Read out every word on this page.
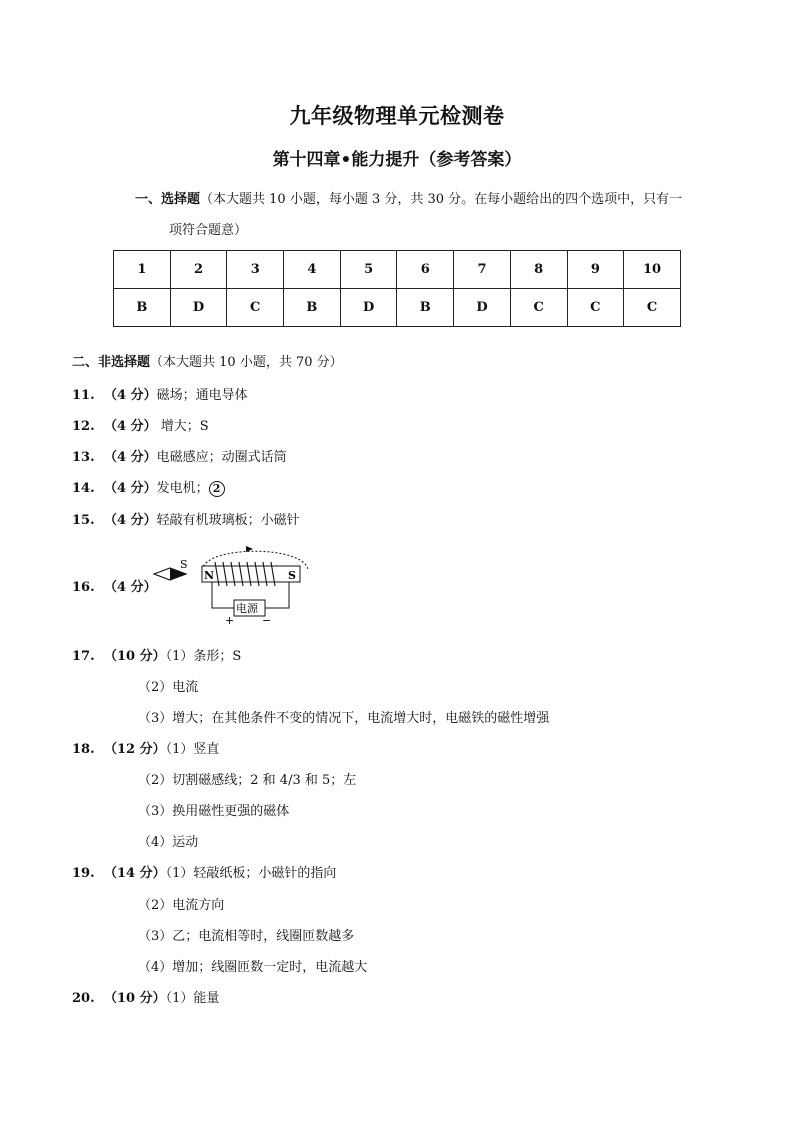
九年级物理单元检测卷
第十四章•能力提升（参考答案）
一、选择题（本大题共 10 小题，每小题 3 分，共 30 分。在每小题给出的四个选项中，只有一
项符合题意）
1	2	3	4	5	6	7	8	9	10
B	D	C	B	D	B	D	C	C	C
二、非选择题（本大题共 10 小题，共 70 分）
11. （4 分）磁场；通电导体
12. （4 分） 增大；S
13. （4 分）电磁感应；动圈式话筒
14. （4 分）发电机； 2
15. （4 分）轻敲有机玻璃板；小磁针
16. （4 分）
S
N	S
电源
+	−
17. （10 分）（1）条形；S
（2）电流
（3）增大；在其他条件不变的情况下，电流增大时，电磁铁的磁性增强
18. （12 分）（1）竖直
（2）切割磁感线；2 和 4/3 和 5；左
（3）换用磁性更强的磁体
（4）运动
19. （14 分）（1）轻敲纸板；小磁针的指向
（2）电流方向
（3）乙；电流相等时，线圈匝数越多
（4）增加；线圈匝数一定时，电流越大
20. （10 分）（1）能量
